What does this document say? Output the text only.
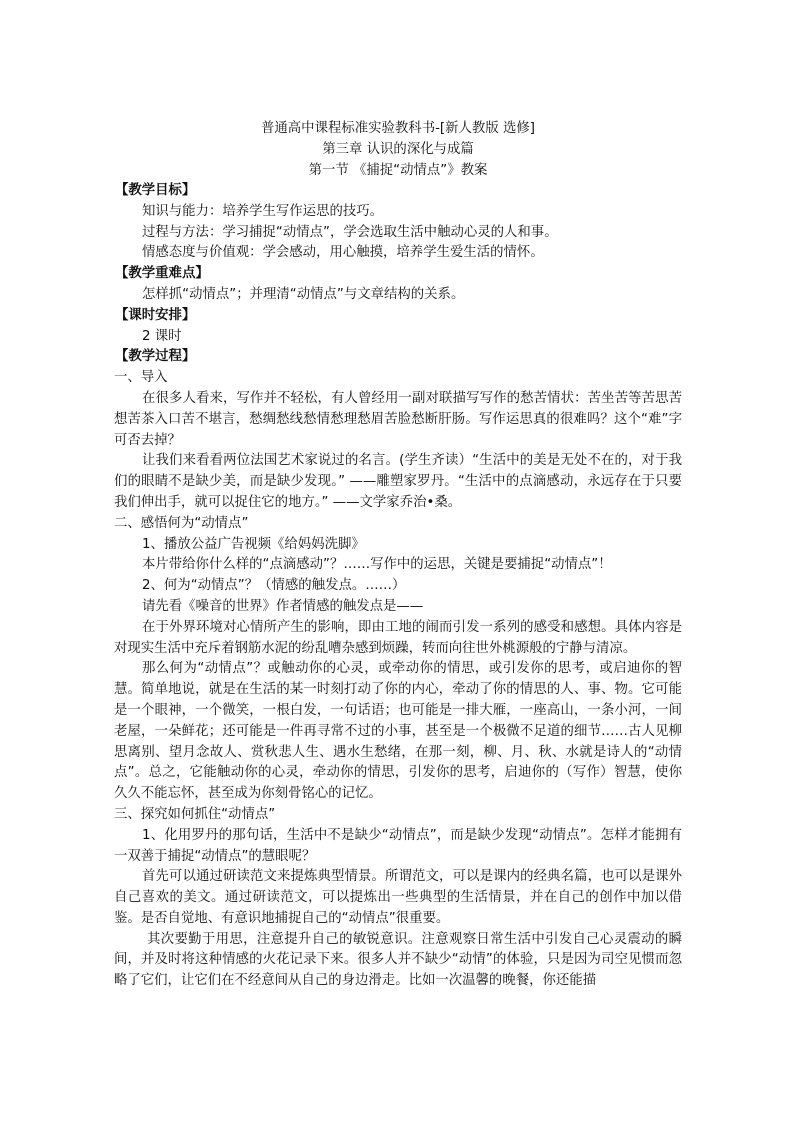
普通高中课程标准实验教科书-[新人教版 选修]
第三章 认识的深化与成篇
第一节 《捕捉“动情点”》教案
【教学目标】
知识与能力：培养学生写作运思的技巧。
过程与方法：学习捕捉“动情点”，学会选取生活中触动心灵的人和事。
情感态度与价值观：学会感动，用心触摸，培养学生爱生活的情怀。
【教学重难点】
怎样抓“动情点”；并理清“动情点”与文章结构的关系。
【课时安排】
2 课时
【教学过程】
一、导入

在很多人看来，写作并不轻松，有人曾经用一副对联描写写作的愁苦情状：苦坐苦等苦思苦想苦茶入口苦不堪言，愁绸愁线愁情愁理愁眉苦脸愁断肝肠。写作运思真的很难吗？这个“难”字可否去掉？

让我们来看看两位法国艺术家说过的名言。(学生齐读）“生活中的美是无处不在的，对于我们的眼睛不是缺少美，而是缺少发现。” ——雕塑家罗丹。“生活中的点滴感动，永远存在于只要我们伸出手，就可以捉住它的地方。” ——文学家乔治•桑。

二、感悟何为“动情点”
1、播放公益广告视频《给妈妈洗脚》
本片带给你什么样的“点滴感动”？……写作中的运思，关键是要捕捉“动情点”！
2、何为“动情点”？（情感的触发点。……）
请先看《噪音的世界》作者情感的触发点是——

在于外界环境对心情所产生的影响，即由工地的闹而引发一系列的感受和感想。具体内容是对现实生活中充斥着钢筋水泥的纷乱嘈杂感到烦躁，转而向往世外桃源般的宁静与清凉。

那么何为“动情点”？或触动你的心灵，或牵动你的情思，或引发你的思考，或启迪你的智慧。简单地说，就是在生活的某一时刻打动了你的内心，牵动了你的情思的人、事、物。它可能是一个眼神，一个微笑，一根白发，一句话语；也可能是一排大雁，一座高山，一条小河，一间老屋，一朵鲜花；还可能是一件再寻常不过的小事，甚至是一个极微不足道的细节……古人见柳思离别、望月念故人、赏秋悲人生、遇水生愁绪，在那一刻，柳、月、秋、水就是诗人的“动情点”。总之，它能触动你的心灵，牵动你的情思，引发你的思考，启迪你的（写作）智慧，使你久久不能忘怀，甚至成为你刻骨铭心的记忆。

三、探究如何抓住“动情点”

1、化用罗丹的那句话，生活中不是缺少“动情点”，而是缺少发现“动情点”。怎样才能拥有一双善于捕捉“动情点”的慧眼呢？

首先可以通过研读范文来提炼典型情景。所谓范文，可以是课内的经典名篇，也可以是课外自己喜欢的美文。通过研读范文，可以提炼出一些典型的生活情景，并在自己的创作中加以借鉴。是否自觉地、有意识地捕捉自己的“动情点”很重要。

其次要勤于用思，注意提升自己的敏锐意识。注意观察日常生活中引发自己心灵震动的瞬间，并及时将这种情感的火花记录下来。很多人并不缺少“动情”的体验，只是因为司空见惯而忽略了它们，让它们在不经意间从自己的身边滑走。比如一次温馨的晚餐，你还能描
